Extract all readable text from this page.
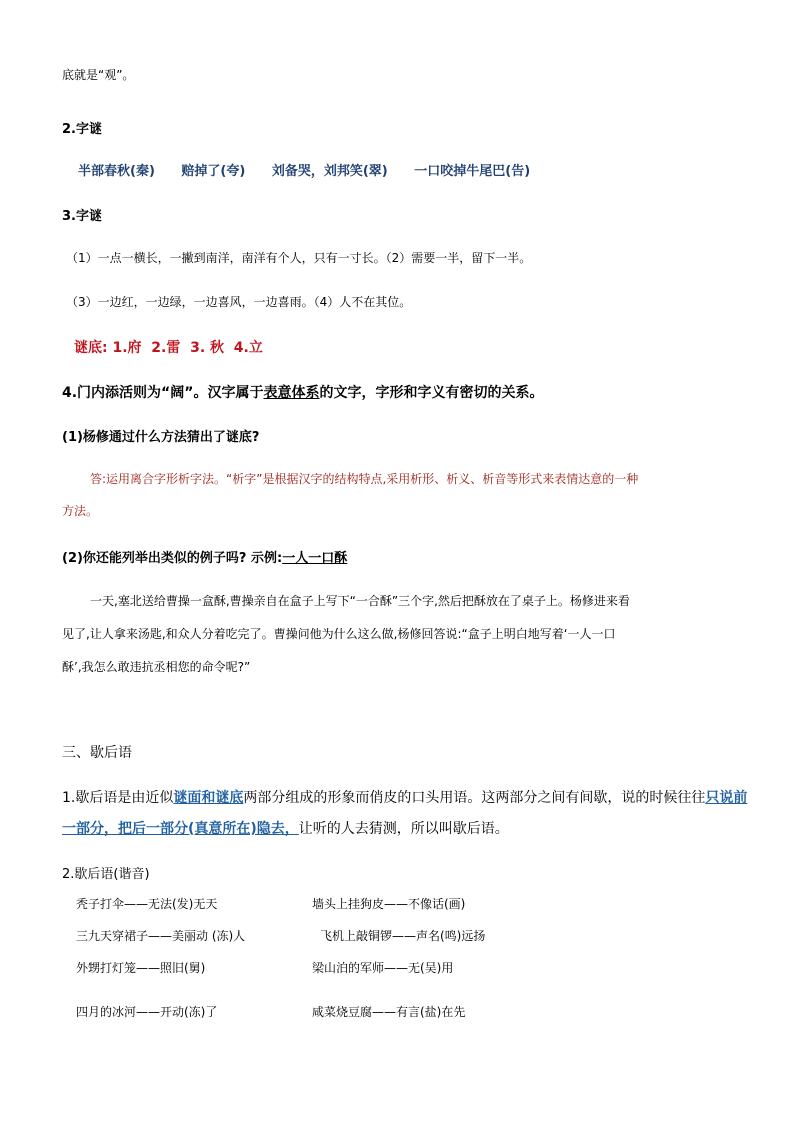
底就是“观”。
2.字谜
半部春秋(秦) 赔掉了(夸) 刘备哭，刘邦笑(翠) 一口咬掉牛尾巴(告)
3.字谜
（1）一点一横长，一撇到南洋，南洋有个人，只有一寸长。（2）需要一半，留下一半。
（3）一边红，一边绿，一边喜风，一边喜雨。（4）人不在其位。
谜底: 1.府 2.雷 3. 秋 4.立
4.门内添活则为“阔”。汉字属于表意体系的文字，字形和字义有密切的关系。
(1)杨修通过什么方法猜出了谜底?
答:运用离合字形析字法。“析字”是根据汉字的结构特点,采用析形、析义、析音等形式来表情达意的一种
方法。
(2)你还能列举出类似的例子吗? 示例:一人一口酥
一天,塞北送给曹操一盒酥,曹操亲自在盒子上写下“一合酥”三个字,然后把酥放在了桌子上。杨修进来看
见了,让人拿来汤匙,和众人分着吃完了。曹操问他为什么这么做,杨修回答说:“盒子上明白地写着‘一人一口
酥’,我怎么敢违抗丞相您的命令呢?”
三、歇后语
1.歇后语是由近似谜面和谜底两部分组成的形象而俏皮的口头用语。这两部分之间有间歇，说的时候往往只说前
一部分，把后一部分(真意所在)隐去，让听的人去猜测，所以叫歇后语。
2.歇后语(谐音)
秃子打伞——无法(发)无天	墙头上挂狗皮——不像话(画)
三九天穿裙子——美丽动 (冻)人	飞机上敲铜锣——声名(鸣)远扬
外甥打灯笼——照旧(舅)	梁山泊的军师——无(吴)用
四月的冰河——开动(冻)了	咸菜烧豆腐——有言(盐)在先
